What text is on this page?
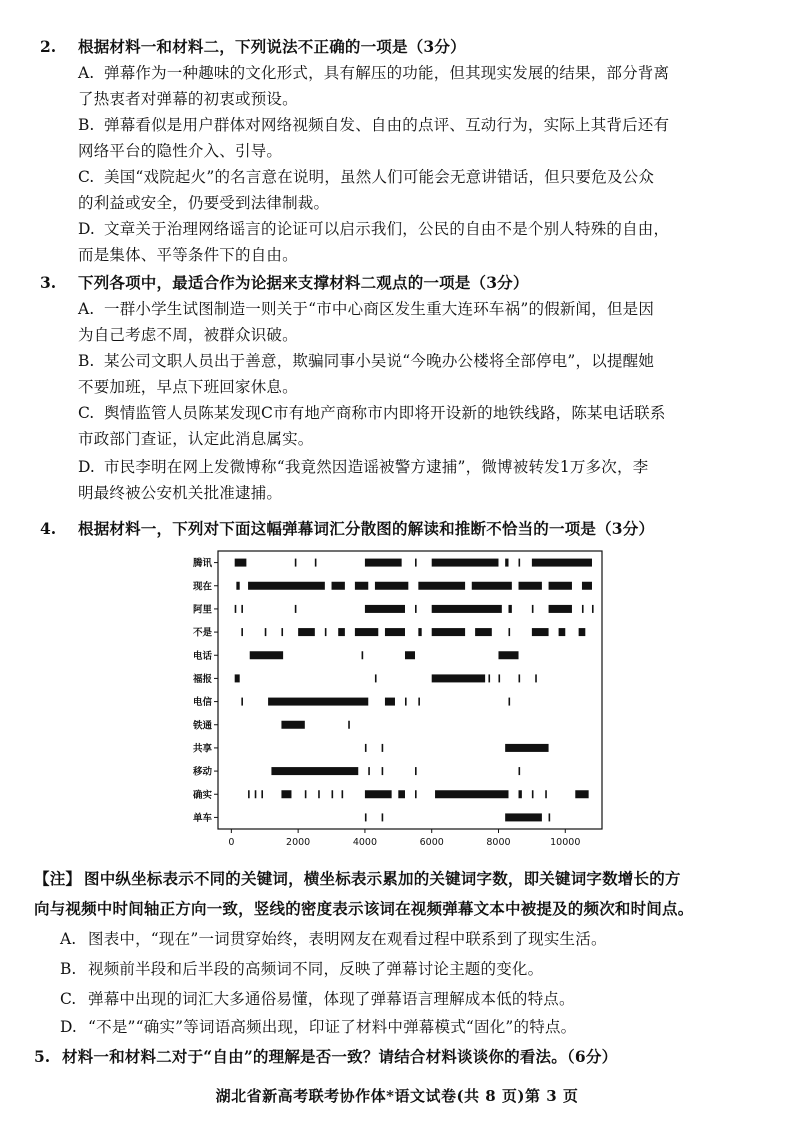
2. 根据材料一和材料二，下列说法不正确的一项是（3分）
A. 弹幕作为一种趣味的文化形式，具有解压的功能，但其现实发展的结果，部分背离
了热衷者对弹幕的初衷或预设。
B. 弹幕看似是用户群体对网络视频自发、自由的点评、互动行为，实际上其背后还有
网络平台的隐性介入、引导。
C. 美国“戏院起火”的名言意在说明，虽然人们可能会无意讲错话，但只要危及公众
的利益或安全，仍要受到法律制裁。
D. 文章关于治理网络谣言的论证可以启示我们，公民的自由不是个别人特殊的自由，
而是集体、平等条件下的自由。
3. 下列各项中，最适合作为论据来支撑材料二观点的一项是（3分）
A. 一群小学生试图制造一则关于“市中心商区发生重大连环车祸”的假新闻，但是因
为自己考虑不周，被群众识破。
B. 某公司文职人员出于善意，欺骗同事小吴说“今晚办公楼将全部停电”，以提醒她
不要加班，早点下班回家休息。
C. 舆情监管人员陈某发现C市有地产商称市内即将开设新的地铁线路，陈某电话联系
市政部门查证，认定此消息属实。
D. 市民李明在网上发微博称“我竟然因造谣被警方逮捕”，微博被转发1万多次，李
明最终被公安机关批准逮捕。
4. 根据材料一，下列对下面这幅弹幕词汇分散图的解读和推断不恰当的一项是（3分）
腾讯
现在
阿里
不是
电话
福报
电信
铁通
共享
移动
确实
单车
0	2000	4000	6000	8000	10000
【注】 图中纵坐标表示不同的关键词，横坐标表示累加的关键词字数，即关键词字数增长的方
向与视频中时间轴正方向一致，竖线的密度表示该词在视频弹幕文本中被提及的频次和时间点。
A. 图表中，“现在”一词贯穿始终，表明网友在观看过程中联系到了现实生活。
B. 视频前半段和后半段的高频词不同，反映了弹幕讨论主题的变化。
C. 弹幕中出现的词汇大多通俗易懂，体现了弹幕语言理解成本低的特点。
D. “不是”“确实”等词语高频出现，印证了材料中弹幕模式“固化”的特点。
5. 材料一和材料二对于“自由”的理解是否一致？请结合材料谈谈你的看法。（6分）
湖北省新高考联考协作体*语文试卷(共 8 页)第 3 页
